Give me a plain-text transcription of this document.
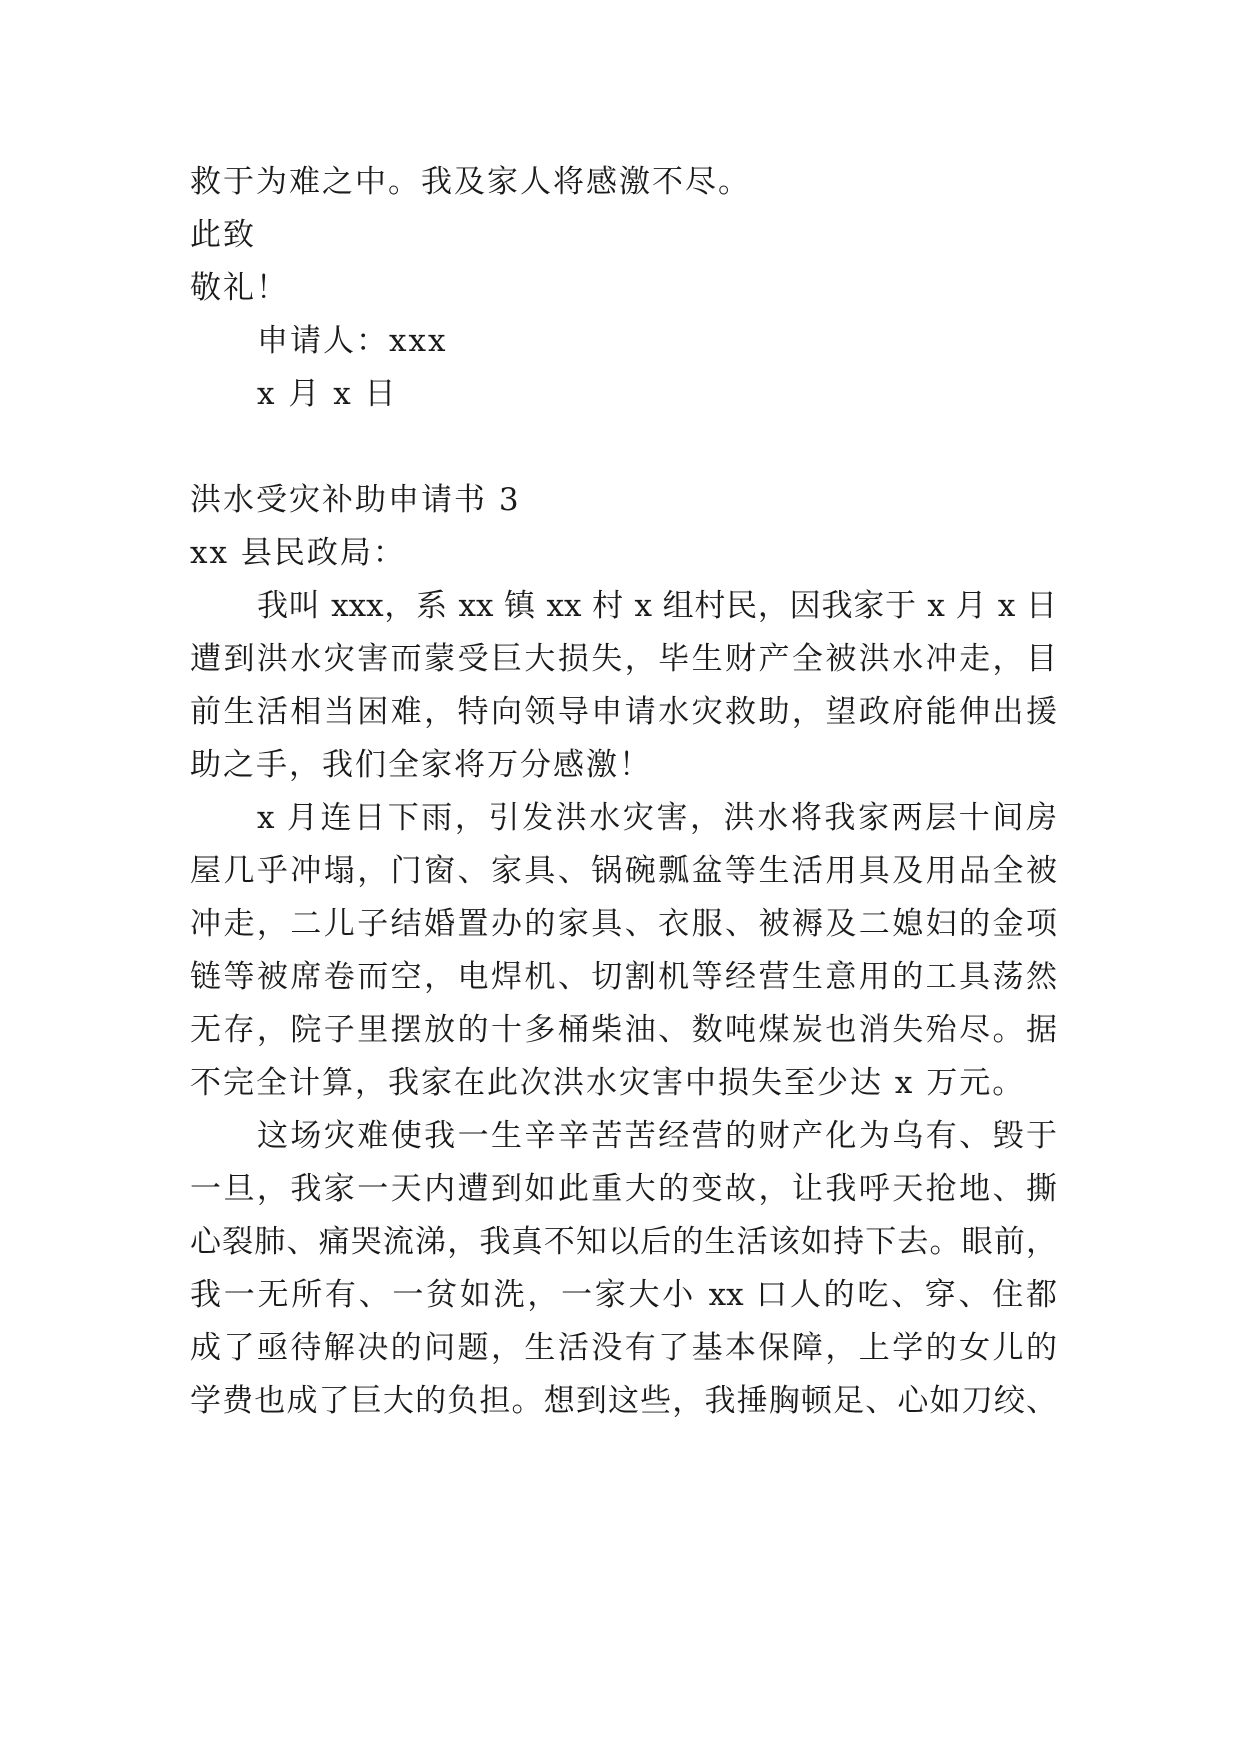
救于为难之中。我及家人将感激不尽。
此致
敬礼！
申请人：xxx
x 月 x 日
洪水受灾补助申请书 3
xx 县民政局：
我叫 xxx，系 xx 镇 xx 村 x 组村民，因我家于 x 月 x 日
遭到洪水灾害而蒙受巨大损失，毕生财产全被洪水冲走，目
前生活相当困难，特向领导申请水灾救助，望政府能伸出援
助之手，我们全家将万分感激！
x 月连日下雨，引发洪水灾害，洪水将我家两层十间房
屋几乎冲塌，门窗、家具、锅碗瓢盆等生活用具及用品全被
冲走，二儿子结婚置办的家具、衣服、被褥及二媳妇的金项
链等被席卷而空，电焊机、切割机等经营生意用的工具荡然
无存，院子里摆放的十多桶柴油、数吨煤炭也消失殆尽。据
不完全计算，我家在此次洪水灾害中损失至少达 x 万元。
这场灾难使我一生辛辛苦苦经营的财产化为乌有、毁于
一旦，我家一天内遭到如此重大的变故，让我呼天抢地、撕
心裂肺、痛哭流涕，我真不知以后的生活该如持下去。眼前，
我一无所有、一贫如洗，一家大小 xx 口人的吃、穿、住都
成了亟待解决的问题，生活没有了基本保障，上学的女儿的
学费也成了巨大的负担。想到这些，我捶胸顿足、心如刀绞、
